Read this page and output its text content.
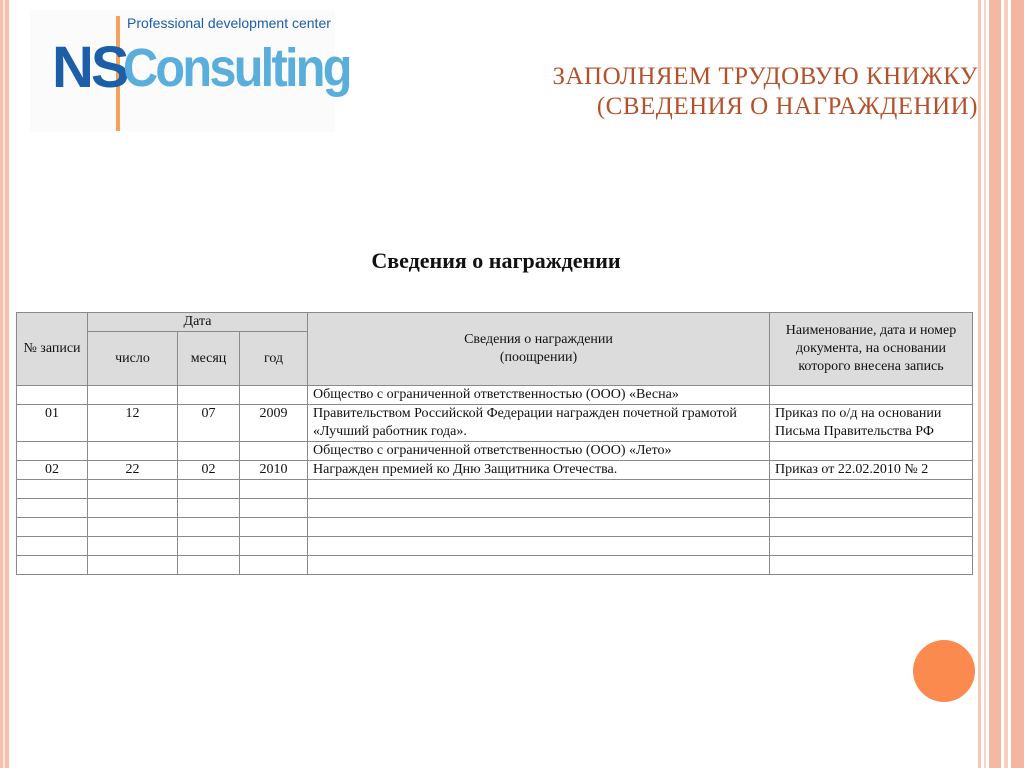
Professional development center
NS
Consulting	ЗАПОЛНЯЕМ ТРУДОВУЮ КНИЖКУ
(СВЕДЕНИЯ О НАГРАЖДЕНИИ)
Сведения о награждении
№ записи	Дата			Сведения о награждении (поощрении)	Наименование, дата и номер документа, на основании которого внесена запись
	число	месяц	год		
				Общество с ограниченной ответственностью (ООО) «Весна»	
01	12	07	2009	Правительством Российской Федерации награжден почетной грамотой «Лучший работник года».	Приказ по о/д на основании Письма Правительства РФ
				Общество с ограниченной ответственностью (ООО) «Лето»	
02	22	02	2010	Награжден премией ко Дню Защитника Отечества.	Приказ от 22.02.2010 № 2
